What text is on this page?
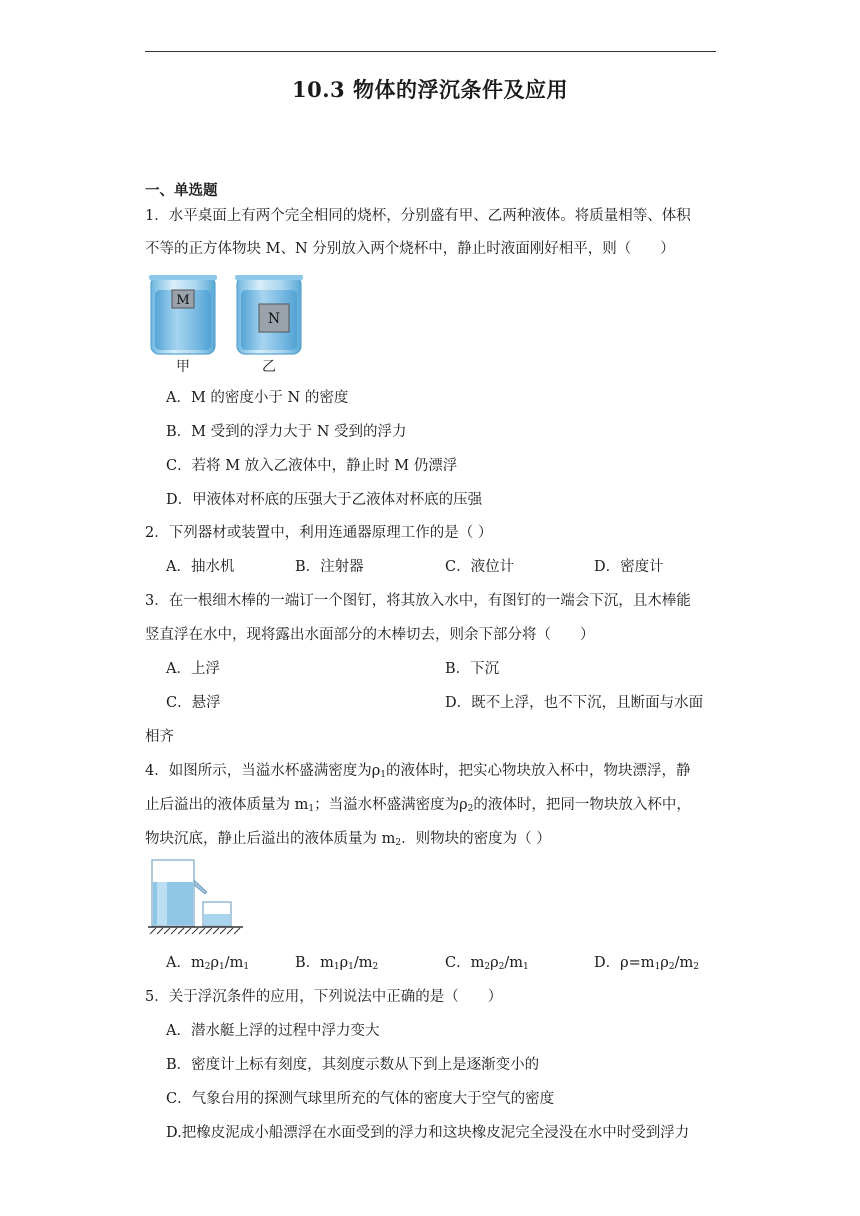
10.3 物体的浮沉条件及应用
一、单选题
1．水平桌面上有两个完全相同的烧杯，分别盛有甲、乙两种液体。将质量相等、体积
不等的正方体物块 M、N 分别放入两个烧杯中，静止时液面刚好相平，则（　　）
M
N
甲	乙
A．M 的密度小于 N 的密度
B．M 受到的浮力大于 N 受到的浮力
C．若将 M 放入乙液体中，静止时 M 仍漂浮
D．甲液体对杯底的压强大于乙液体对杯底的压强
2．下列器材或装置中，利用连通器原理工作的是（ ）
A．抽水机	B．注射器	C．液位计	D．密度计
3．在一根细木棒的一端订一个图钉，将其放入水中，有图钉的一端会下沉，且木棒能
竖直浮在水中，现将露出水面部分的木棒切去，则余下部分将（　　）
A．上浮	B．下沉
C．悬浮	D．既不上浮，也不下沉，且断面与水面
相齐
4．如图所示，当溢水杯盛满密度为$\rho_1$的液体时，把实心物块放入杯中，物块漂浮，静
止后溢出的液体质量为 $m_1$；当溢水杯盛满密度为$\rho_2$的液体时，把同一物块放入杯中，
物块沉底，静止后溢出的液体质量为 $m_2$．则物块的密度为（ ）
A．$m_2\rho_1/m_1$	B．$m_1\rho_1/m_2$	C．$m_2\rho_2/m_1$	D．$\rho=m_1\rho_2/m_2$
5．关于浮沉条件的应用，下列说法中正确的是（　　）
A．潜水艇上浮的过程中浮力变大
B．密度计上标有刻度，其刻度示数从下到上是逐渐变小的
C．气象台用的探测气球里所充的气体的密度大于空气的密度
D.把橡皮泥成小船漂浮在水面受到的浮力和这块橡皮泥完全浸没在水中时受到浮力
